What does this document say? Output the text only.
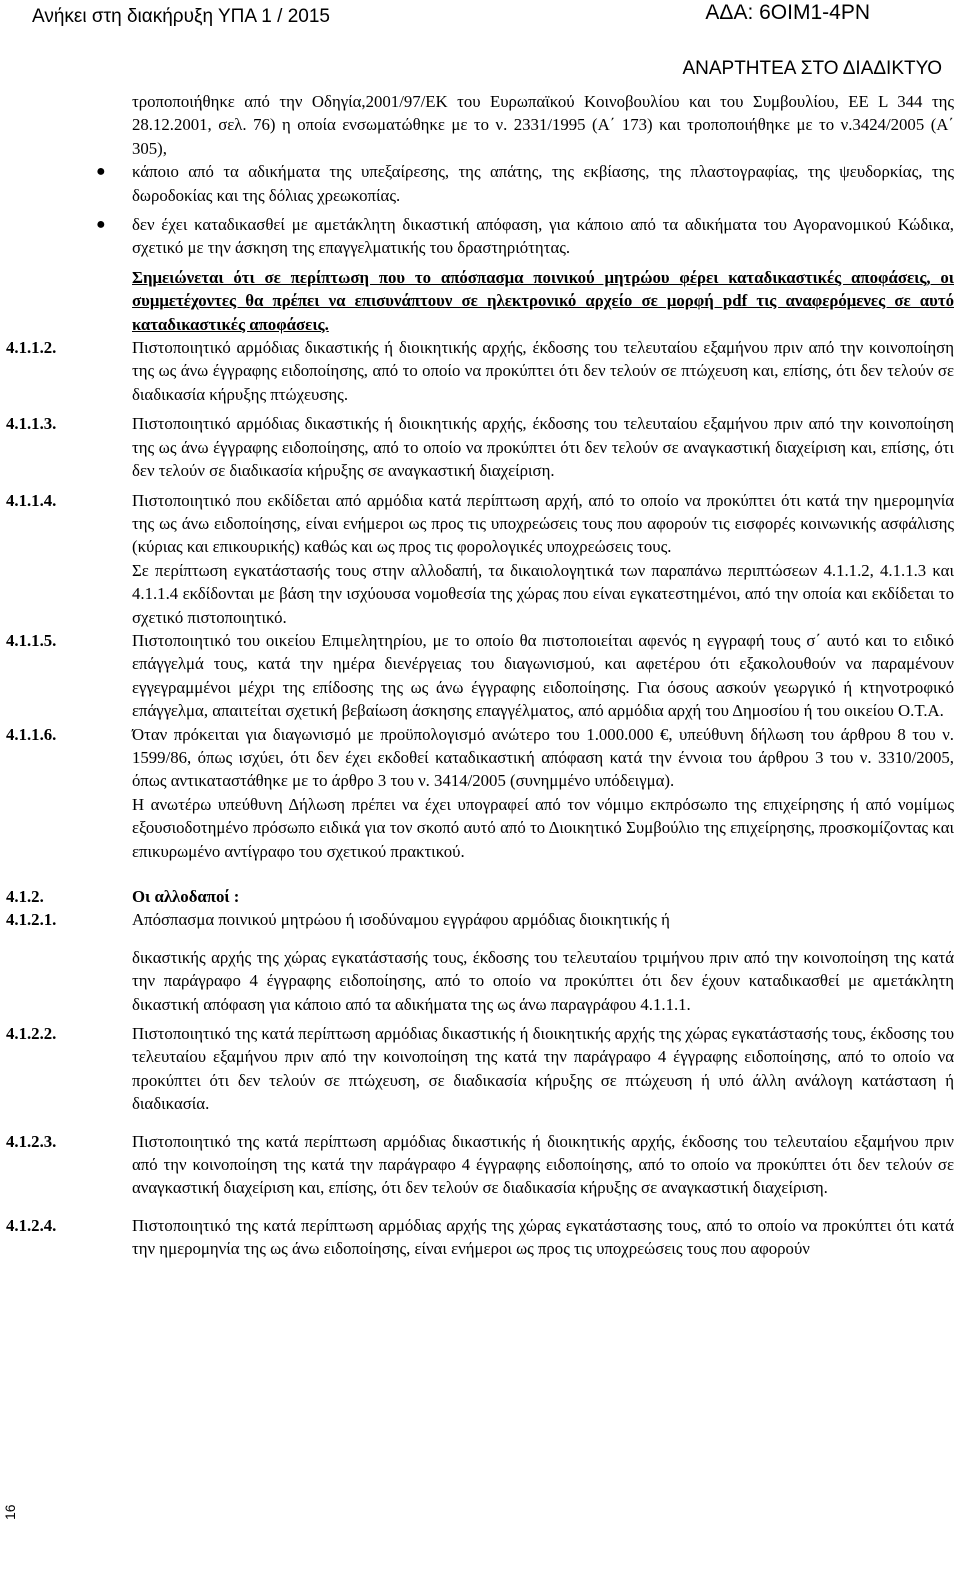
Ανήκει στη διακήρυξη ΥΠΑ 1 / 2015	ΑΔΑ: 6ΟΙΜ1-4ΡΝ
ΑΝΑΡΤΗΤΕΑ ΣΤΟ ΔΙΑΔΙΚΤΥΟ
16
τροποποιήθηκε από την Οδηγία,2001/97/ΕΚ του Ευρωπαϊκού Κοινοβουλίου και του Συμβουλίου, ΕΕ L 344 της 28.12.2001, σελ. 76) η οποία ενσωματώθηκε με το ν. 2331/1995 (Α΄ 173) και τροποποιήθηκε με το ν.3424/2005 (Α΄ 305),
● κάποιο από τα αδικήματα της υπεξαίρεσης, της απάτης, της εκβίασης, της πλαστογραφίας, της ψευδορκίας, της δωροδοκίας και της δόλιας χρεωκοπίας.
● δεν έχει καταδικασθεί με αμετάκλητη δικαστική απόφαση, για κάποιο από τα αδικήματα του Αγορανομικού Κώδικα, σχετικό με την άσκηση της επαγγελματικής του δραστηριότητας.
Σημειώνεται ότι σε περίπτωση που το απόσπασμα ποινικού μητρώου φέρει καταδικαστικές αποφάσεις, οι συμμετέχοντες θα πρέπει να επισυνάπτουν σε ηλεκτρονικό αρχείο σε μορφή pdf τις αναφερόμενες σε αυτό καταδικαστικές αποφάσεις.
4.1.1.2.	Πιστοποιητικό αρμόδιας δικαστικής ή διοικητικής αρχής, έκδοσης του τελευταίου εξαμήνου πριν από την κοινοποίηση της ως άνω έγγραφης ειδοποίησης, από το οποίο να προκύπτει ότι δεν τελούν σε πτώχευση και, επίσης, ότι δεν τελούν σε διαδικασία κήρυξης πτώχευσης.
4.1.1.3.	Πιστοποιητικό αρμόδιας δικαστικής ή διοικητικής αρχής, έκδοσης του τελευταίου εξαμήνου πριν από την κοινοποίηση της ως άνω έγγραφης ειδοποίησης, από το οποίο να προκύπτει ότι δεν τελούν σε αναγκαστική διαχείριση και, επίσης, ότι δεν τελούν σε διαδικασία κήρυξης σε αναγκαστική διαχείριση.
4.1.1.4.	Πιστοποιητικό που εκδίδεται από αρμόδια κατά περίπτωση αρχή, από το οποίο να προκύπτει ότι κατά την ημερομηνία της ως άνω ειδοποίησης, είναι ενήμεροι ως προς τις υποχρεώσεις τους που αφορούν τις εισφορές κοινωνικής ασφάλισης (κύριας και επικουρικής) καθώς και ως προς τις φορολογικές υποχρεώσεις τους.
Σε περίπτωση εγκατάστασής τους στην αλλοδαπή, τα δικαιολογητικά των παραπάνω περιπτώσεων 4.1.1.2, 4.1.1.3 και 4.1.1.4 εκδίδονται με βάση την ισχύουσα νομοθεσία της χώρας που είναι εγκατεστημένοι, από την οποία και εκδίδεται το σχετικό πιστοποιητικό.
4.1.1.5.	Πιστοποιητικό του οικείου Επιμελητηρίου, με το οποίο θα πιστοποιείται αφενός η εγγραφή τους σ΄ αυτό και το ειδικό επάγγελμά τους, κατά την ημέρα διενέργειας του διαγωνισμού, και αφετέρου ότι εξακολουθούν να παραμένουν εγγεγραμμένοι μέχρι της επίδοσης της ως άνω έγγραφης ειδοποίησης. Για όσους ασκούν γεωργικό ή κτηνοτροφικό επάγγελμα, απαιτείται σχετική βεβαίωση άσκησης επαγγέλματος, από αρμόδια αρχή του Δημοσίου ή του οικείου Ο.Τ.Α.
4.1.1.6.	Όταν πρόκειται για διαγωνισμό με προϋπολογισμό ανώτερο του 1.000.000 €, υπεύθυνη δήλωση του άρθρου 8 του ν. 1599/86, όπως ισχύει, ότι δεν έχει εκδοθεί καταδικαστική απόφαση κατά την έννοια του άρθρου 3 του ν. 3310/2005, όπως αντικαταστάθηκε με το άρθρο 3 του ν. 3414/2005 (συνημμένο υπόδειγμα).
Η ανωτέρω υπεύθυνη Δήλωση πρέπει να έχει υπογραφεί από τον νόμιμο εκπρόσωπο της επιχείρησης ή από νομίμως εξουσιοδοτημένο πρόσωπο ειδικά για τον σκοπό αυτό από το Διοικητικό Συμβούλιο της επιχείρησης, προσκομίζοντας και επικυρωμένο αντίγραφο του σχετικού πρακτικού.
4.1.2.	Οι αλλοδαποί :
4.1.2.1.	Απόσπασμα ποινικού μητρώου ή ισοδύναμου εγγράφου αρμόδιας διοικητικής ή
δικαστικής αρχής της χώρας εγκατάστασής τους, έκδοσης του τελευταίου τριμήνου πριν από την κοινοποίηση της κατά την παράγραφο 4 έγγραφης ειδοποίησης, από το οποίο να προκύπτει ότι δεν έχουν καταδικασθεί με αμετάκλητη δικαστική απόφαση για κάποιο από τα αδικήματα της ως άνω παραγράφου 4.1.1.1.
4.1.2.2.	Πιστοποιητικό της κατά περίπτωση αρμόδιας δικαστικής ή διοικητικής αρχής της χώρας εγκατάστασής τους, έκδοσης του τελευταίου εξαμήνου πριν από την κοινοποίηση της κατά την παράγραφο 4 έγγραφης ειδοποίησης, από το οποίο να προκύπτει ότι δεν τελούν σε πτώχευση, σε διαδικασία κήρυξης σε πτώχευση ή υπό άλλη ανάλογη κατάσταση ή διαδικασία.
4.1.2.3.	Πιστοποιητικό της κατά περίπτωση αρμόδιας δικαστικής ή διοικητικής αρχής, έκδοσης του τελευταίου εξαμήνου πριν από την κοινοποίηση της κατά την παράγραφο 4 έγγραφης ειδοποίησης, από το οποίο να προκύπτει ότι δεν τελούν σε αναγκαστική διαχείριση και, επίσης, ότι δεν τελούν σε διαδικασία κήρυξης σε αναγκαστική διαχείριση.
4.1.2.4.	Πιστοποιητικό της κατά περίπτωση αρμόδιας αρχής της χώρας εγκατάστασης τους, από το οποίο να προκύπτει ότι κατά την ημερομηνία της ως άνω ειδοποίησης, είναι ενήμεροι ως προς τις υποχρεώσεις τους που αφορούν
